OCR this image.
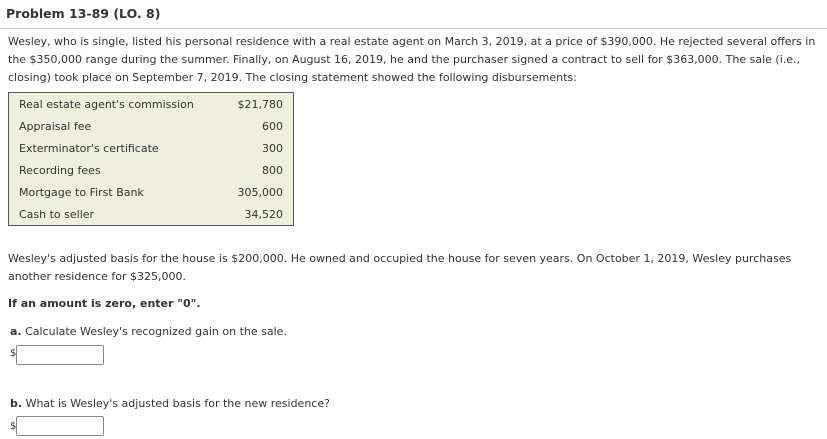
Problem 13-89 (LO. 8)
Wesley, who is single, listed his personal residence with a real estate agent on March 3, 2019, at a price of $390,000. He rejected several offers in the $350,000 range during the summer. Finally, on August 16, 2019, he and the purchaser signed a contract to sell for $363,000. The sale (i.e., closing) took place on September 7, 2019. The closing statement showed the following disbursements:
Real estate agent's commission	$21,780
Appraisal fee	600
Exterminator's certificate	300
Recording fees	800
Mortgage to First Bank	305,000
Cash to seller	34,520
Wesley's adjusted basis for the house is $200,000. He owned and occupied the house for seven years. On October 1, 2019, Wesley purchases another residence for $325,000.
If an amount is zero, enter "0".
a. Calculate Wesley's recognized gain on the sale.
$
b. What is Wesley's adjusted basis for the new residence?
$
